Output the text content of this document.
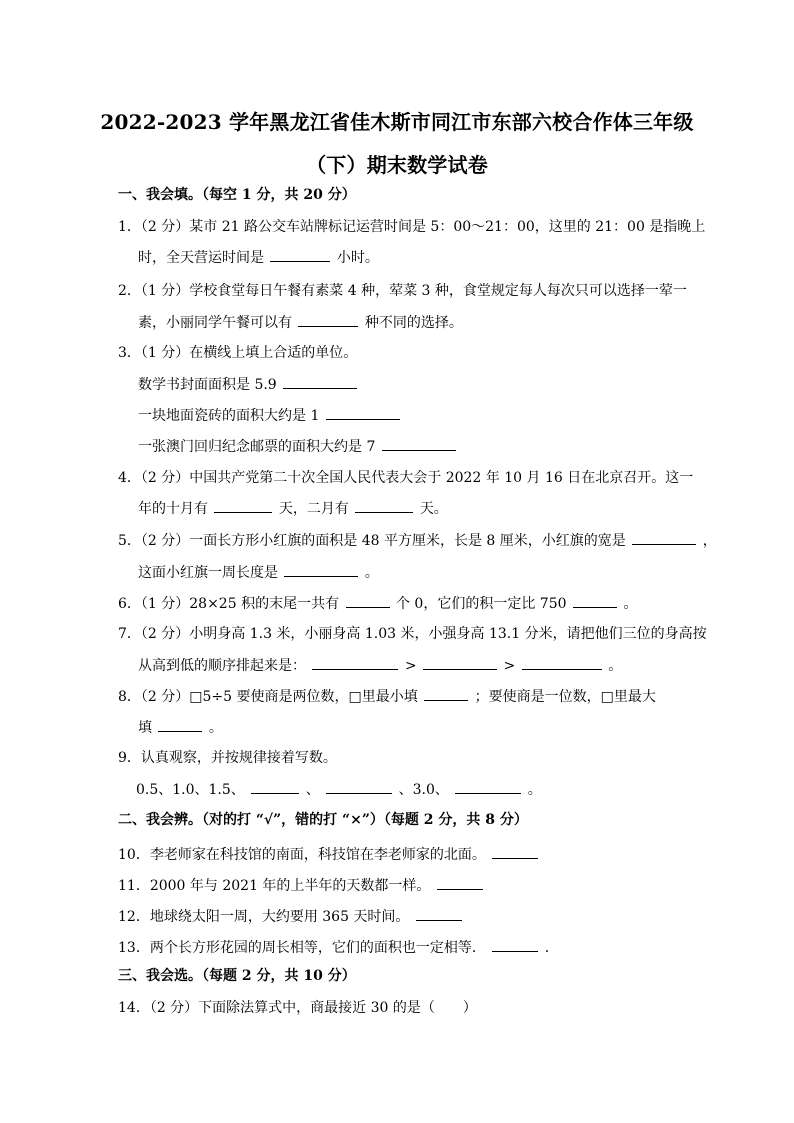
2022-2023 学年黑龙江省佳木斯市同江市东部六校合作体三年级
（下）期末数学试卷
一、我会填。（每空 1 分，共 20 分）
1．（2 分）某市 21 路公交车站牌标记运营时间是 5：00～21：00，这里的 21：00 是指晚上
时，全天营运时间是	小时。
2．（1 分）学校食堂每日午餐有素菜 4 种，荤菜 3 种，食堂规定每人每次只可以选择一荤一
素，小丽同学午餐可以有	种不同的选择。
3．（1 分）在横线上填上合适的单位。
数学书封面面积是 5.9
一块地面瓷砖的面积大约是 1
一张澳门回归纪念邮票的面积大约是 7
4．（2 分）中国共产党第二十次全国人民代表大会于 2022 年 10 月 16 日在北京召开。这一
年的十月有	天，二月有	天。
5．（2 分）一面长方形小红旗的面积是 48 平方厘米，长是 8 厘米，小红旗的宽是	，
这面小红旗一周长度是	。
6．（1 分）28×25 积的末尾一共有	个 0，它们的积一定比 750	。
7．（2 分）小明身高 1.3 米，小丽身高 1.03 米，小强身高 13.1 分米，请把他们三位的身高按
从高到低的顺序排起来是：	>	>	。
8．（2 分）□5÷5 要使商是两位数，□里最小填	；要使商是一位数，□里最大
填	。
9．认真观察，并按规律接着写数。
0.5、1.0、1.5、	、	、3.0、	。
二、我会辨。（对的打 “√”，错的打 “×”）（每题 2 分，共 8 分）
10．李老师家在科技馆的南面，科技馆在李老师家的北面。
11．2000 年与 2021 年的上半年的天数都一样。
12．地球绕太阳一周，大约要用 365 天时间。
13．两个长方形花园的周长相等，它们的面积也一定相等．	.
三、我会选。（每题 2 分，共 10 分）
14．（2 分）下面除法算式中，商最接近 30 的是（　　）
